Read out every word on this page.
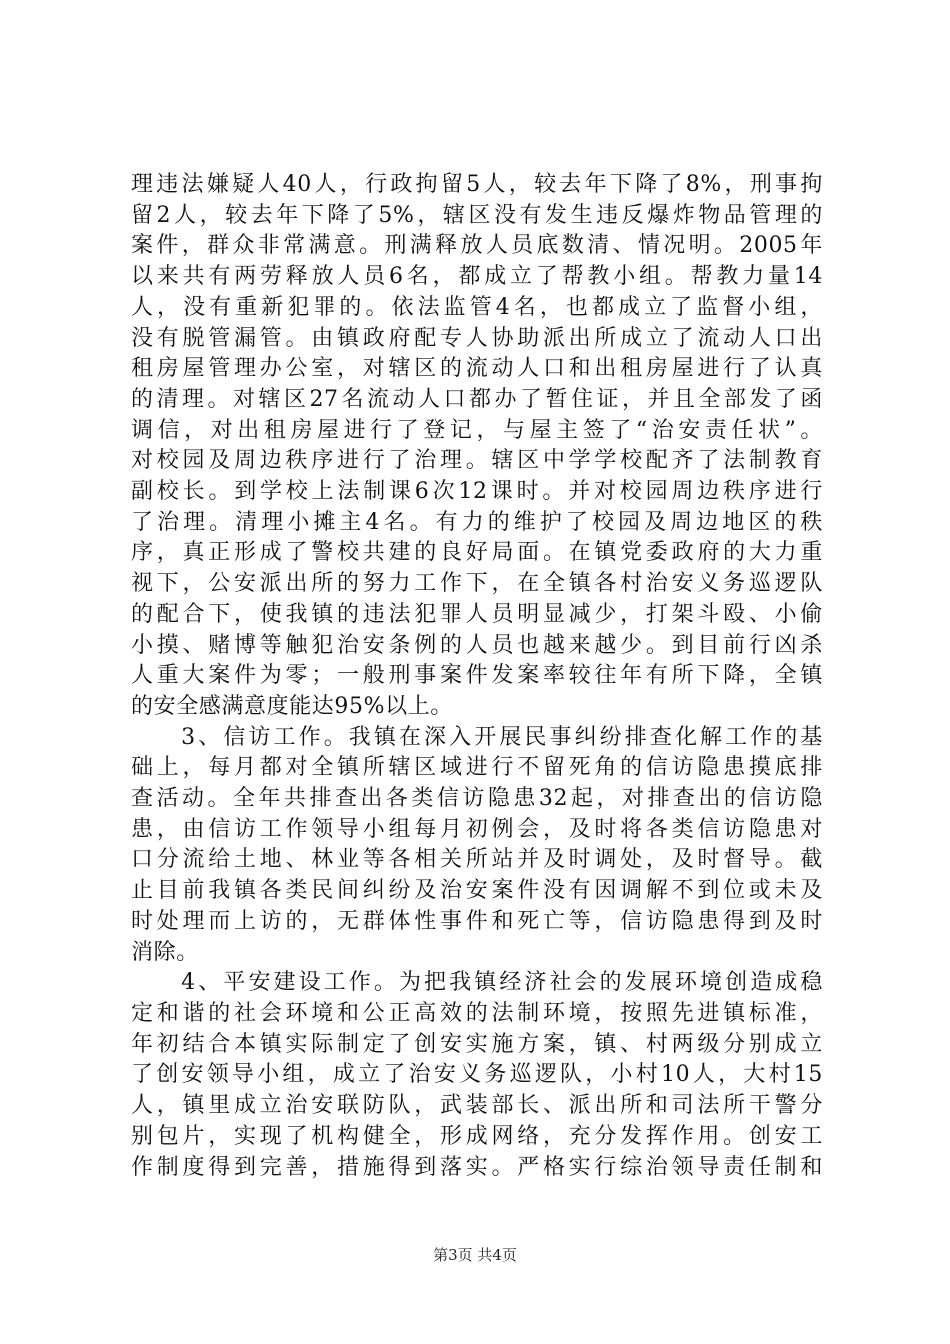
理违法嫌疑人40人，行政拘留5人，较去年下降了8%，刑事拘

留2人，较去年下降了5%，辖区没有发生违反爆炸物品管理的

案件，群众非常满意。刑满释放人员底数清、情况明。2005年

以来共有两劳释放人员6名，都成立了帮教小组。帮教力量14

人，没有重新犯罪的。依法监管4名，也都成立了监督小组，

没有脱管漏管。由镇政府配专人协助派出所成立了流动人口出

租房屋管理办公室，对辖区的流动人口和出租房屋进行了认真

的清理。对辖区27名流动人口都办了暂住证，并且全部发了函

调信，对出租房屋进行了登记，与屋主签了“治安责任状”。

对校园及周边秩序进行了治理。辖区中学学校配齐了法制教育

副校长。到学校上法制课6次12课时。并对校园周边秩序进行

了治理。清理小摊主4名。有力的维护了校园及周边地区的秩

序，真正形成了警校共建的良好局面。在镇党委政府的大力重

视下，公安派出所的努力工作下，在全镇各村治安义务巡逻队

的配合下，使我镇的违法犯罪人员明显减少，打架斗殴、小偷

小摸、赌博等触犯治安条例的人员也越来越少。到目前行凶杀

人重大案件为零；一般刑事案件发案率较往年有所下降，全镇

的安全感满意度能达95%以上。

　　3、信访工作。我镇在深入开展民事纠纷排查化解工作的基

础上，每月都对全镇所辖区域进行不留死角的信访隐患摸底排

查活动。全年共排查出各类信访隐患32起，对排查出的信访隐

患，由信访工作领导小组每月初例会，及时将各类信访隐患对

口分流给土地、林业等各相关所站并及时调处，及时督导。截

止目前我镇各类民间纠纷及治安案件没有因调解不到位或未及

时处理而上访的，无群体性事件和死亡等，信访隐患得到及时

消除。

　　4、平安建设工作。为把我镇经济社会的发展环境创造成稳

定和谐的社会环境和公正高效的法制环境，按照先进镇标准，

年初结合本镇实际制定了创安实施方案，镇、村两级分别成立

了创安领导小组，成立了治安义务巡逻队，小村10人，大村15

人，镇里成立治安联防队，武装部长、派出所和司法所干警分

别包片，实现了机构健全，形成网络，充分发挥作用。创安工

作制度得到完善，措施得到落实。严格实行综治领导责任制和

第3页 共4页
